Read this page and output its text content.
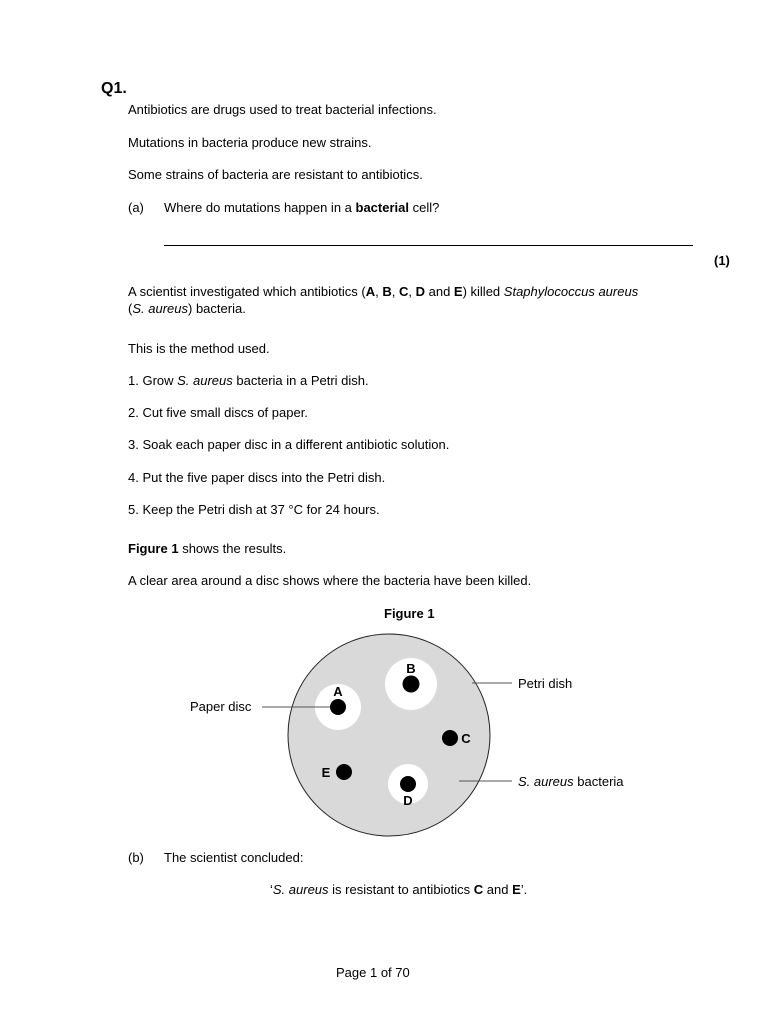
Q1.
Antibiotics are drugs used to treat bacterial infections.
Mutations in bacteria produce new strains.
Some strains of bacteria are resistant to antibiotics.
(a) Where do mutations happen in a bacterial cell?
(1)
A scientist investigated which antibiotics (A, B, C, D and E) killed Staphylococcus aureus
(S. aureus) bacteria.
This is the method used.
1. Grow S. aureus bacteria in a Petri dish.
2. Cut five small discs of paper.
3. Soak each paper disc in a different antibiotic solution.
4. Put the five paper discs into the Petri dish.
5. Keep the Petri dish at 37 °C for 24 hours.
Figure 1 shows the results.
A clear area around a disc shows where the bacteria have been killed.
Figure 1
A
B
C
D
E
Paper disc
Petri dish
S. aureus bacteria
(b) The scientist concluded:
‘S. aureus is resistant to antibiotics C and E’.
Page 1 of 70
